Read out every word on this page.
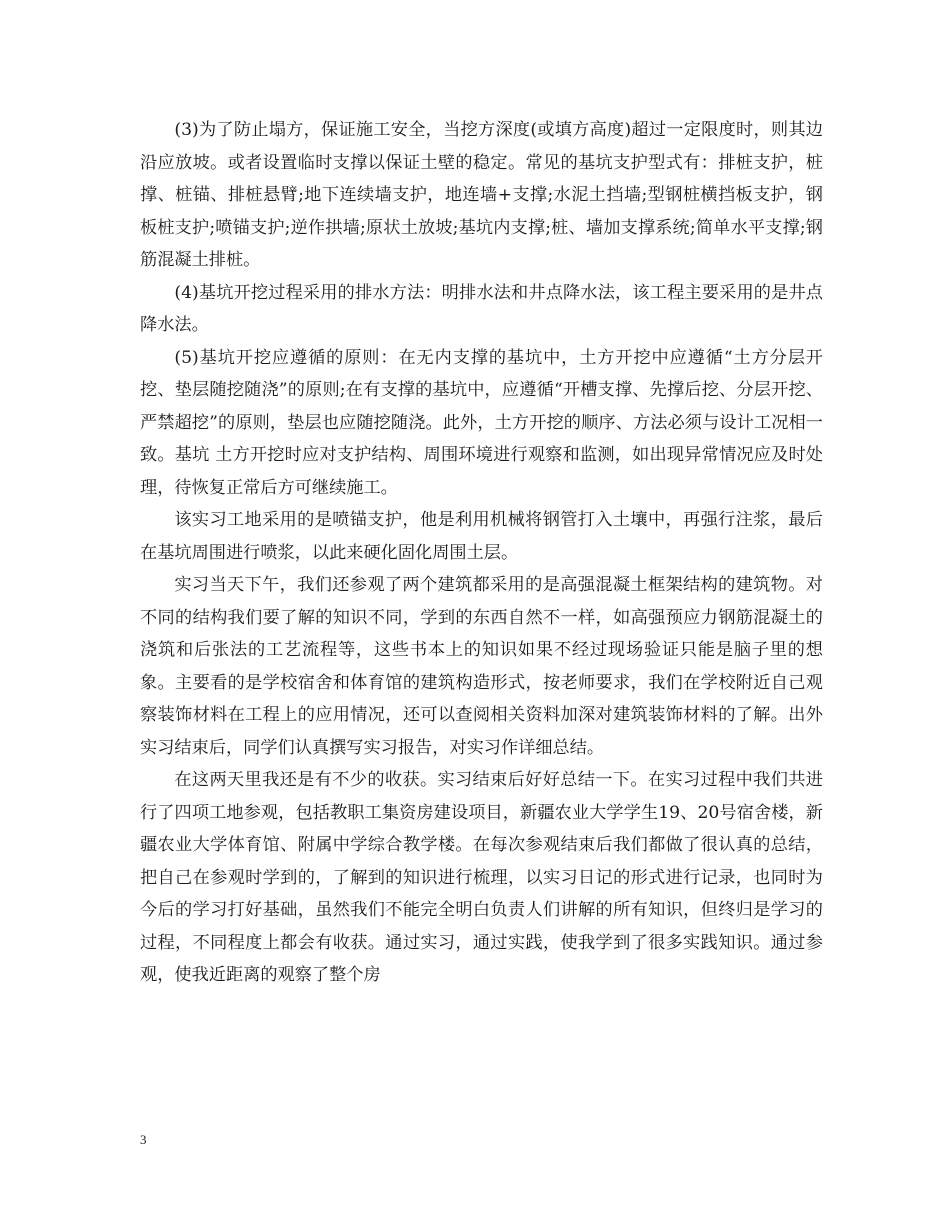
(3)为了防止塌方，保证施工安全，当挖方深度(或填方高度)超过一定限度时，则其边沿应放坡。或者设置临时支撑以保证土壁的稳定。常见的基坑支护型式有：排桩支护，桩撑、桩锚、排桩悬臂;地下连续墙支护，地连墙+支撑;水泥土挡墙;型钢桩横挡板支护，钢板桩支护;喷锚支护;逆作拱墙;原状土放坡;基坑内支撑;桩、墙加支撑系统;简单水平支撑;钢筋混凝土排桩。

(4)基坑开挖过程采用的排水方法：明排水法和井点降水法，该工程主要采用的是井点降水法。

(5)基坑开挖应遵循的原则：在无内支撑的基坑中，土方开挖中应遵循“土方分层开挖、垫层随挖随浇”的原则;在有支撑的基坑中，应遵循“开槽支撑、先撑后挖、分层开挖、严禁超挖”的原则，垫层也应随挖随浇。此外，土方开挖的顺序、方法必须与设计工况相一致。基坑 土方开挖时应对支护结构、周围环境进行观察和监测，如出现异常情况应及时处理，待恢复正常后方可继续施工。

该实习工地采用的是喷锚支护，他是利用机械将钢管打入土壤中，再强行注浆，最后在基坑周围进行喷浆，以此来硬化固化周围土层。

实习当天下午，我们还参观了两个建筑都采用的是高强混凝土框架结构的建筑物。对不同的结构我们要了解的知识不同，学到的东西自然不一样，如高强预应力钢筋混凝土的浇筑和后张法的工艺流程等，这些书本上的知识如果不经过现场验证只能是脑子里的想象。主要看的是学校宿舍和体育馆的建筑构造形式，按老师要求，我们在学校附近自己观察装饰材料在工程上的应用情况，还可以查阅相关资料加深对建筑装饰材料的了解。出外实习结束后，同学们认真撰写实习报告，对实习作详细总结。

在这两天里我还是有不少的收获。实习结束后好好总结一下。在实习过程中我们共进行了四项工地参观，包括教职工集资房建设项目，新疆农业大学学生19、20号宿舍楼，新疆农业大学体育馆、附属中学综合教学楼。在每次参观结束后我们都做了很认真的总结，把自己在参观时学到的，了解到的知识进行梳理，以实习日记的形式进行记录，也同时为今后的学习打好基础，虽然我们不能完全明白负责人们讲解的所有知识，但终归是学习的过程，不同程度上都会有收获。通过实习，通过实践，使我学到了很多实践知识。通过参观，使我近距离的观察了整个房

3
